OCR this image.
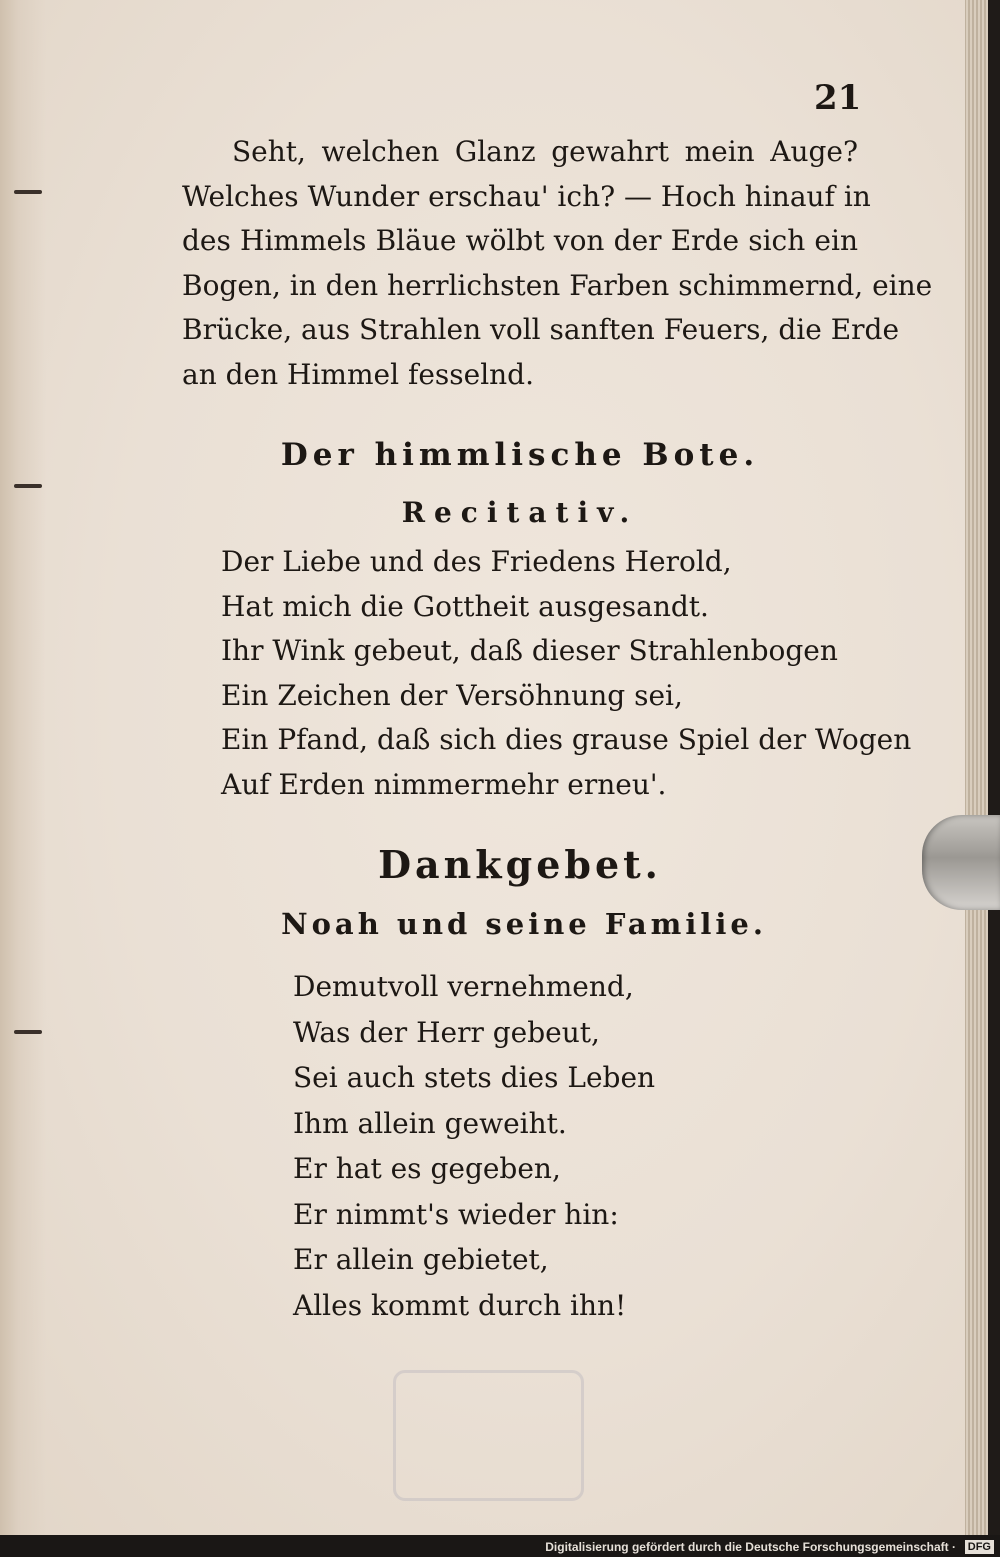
21
Seht, welchen Glanz gewahrt mein Auge?
Welches Wunder erschau' ich? — Hoch hinauf in
des Himmels Bläue wölbt von der Erde sich ein
Bogen, in den herrlichsten Farben schimmernd, eine
Brücke, aus Strahlen voll sanften Feuers, die Erde
an den Himmel fesselnd.
Der himmlische Bote.
Recitativ.
Der Liebe und des Friedens Herold,
Hat mich die Gottheit ausgesandt.
Ihr Wink gebeut, daß dieser Strahlenbogen
Ein Zeichen der Versöhnung sei,
Ein Pfand, daß sich dies grause Spiel der Wogen
Auf Erden nimmermehr erneu'.
Dankgebet.
Noah und seine Familie.
Demutvoll vernehmend,
Was der Herr gebeut,
Sei auch stets dies Leben
Ihm allein geweiht.
Er hat es gegeben,
Er nimmt's wieder hin:
Er allein gebietet,
Alles kommt durch ihn!
Digitalisierung gefördert durch die Deutsche Forschungsgemeinschaft · DFG
